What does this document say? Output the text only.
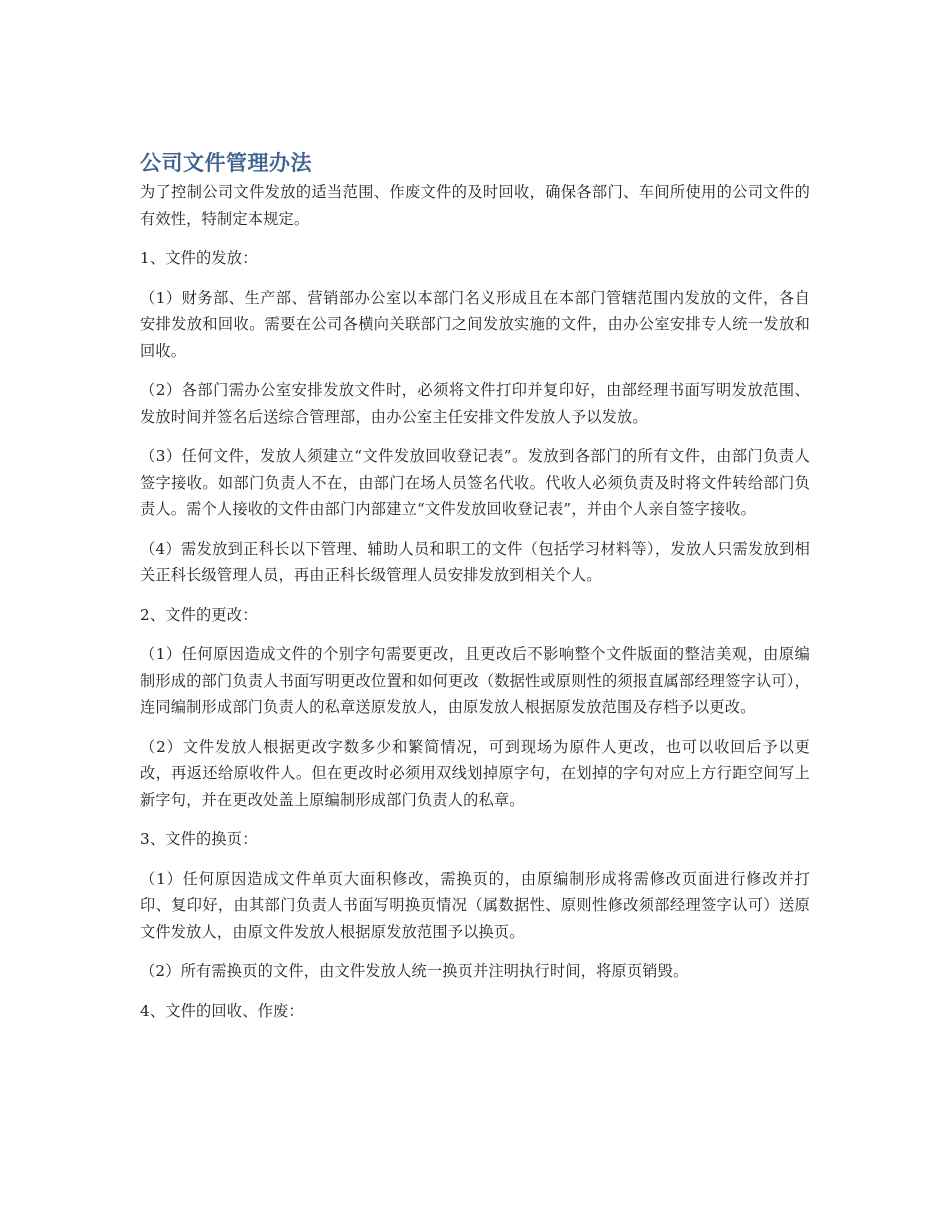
公司文件管理办法

为了控制公司文件发放的适当范围、作废文件的及时回收，确保各部门、车间所使用的公司文件的有效性，特制定本规定。

1、文件的发放：

（1）财务部、生产部、营销部办公室以本部门名义形成且在本部门管辖范围内发放的文件，各自安排发放和回收。需要在公司各横向关联部门之间发放实施的文件，由办公室安排专人统一发放和回收。

（2）各部门需办公室安排发放文件时，必须将文件打印并复印好，由部经理书面写明发放范围、发放时间并签名后送综合管理部，由办公室主任安排文件发放人予以发放。

（3）任何文件，发放人须建立“文件发放回收登记表”。发放到各部门的所有文件，由部门负责人签字接收。如部门负责人不在，由部门在场人员签名代收。代收人必须负责及时将文件转给部门负责人。需个人接收的文件由部门内部建立“文件发放回收登记表”，并由个人亲自签字接收。

（4）需发放到正科长以下管理、辅助人员和职工的文件（包括学习材料等），发放人只需发放到相关正科长级管理人员，再由正科长级管理人员安排发放到相关个人。

2、文件的更改：

（1）任何原因造成文件的个别字句需要更改，且更改后不影响整个文件版面的整洁美观，由原编制形成的部门负责人书面写明更改位置和如何更改（数据性或原则性的须报直属部经理签字认可），连同编制形成部门负责人的私章送原发放人，由原发放人根据原发放范围及存档予以更改。

（2）文件发放人根据更改字数多少和繁简情况，可到现场为原件人更改，也可以收回后予以更改，再返还给原收件人。但在更改时必须用双线划掉原字句，在划掉的字句对应上方行距空间写上新字句，并在更改处盖上原编制形成部门负责人的私章。

3、文件的换页：

（1）任何原因造成文件单页大面积修改，需换页的，由原编制形成将需修改页面进行修改并打印、复印好，由其部门负责人书面写明换页情况（属数据性、原则性修改须部经理签字认可）送原文件发放人，由原文件发放人根据原发放范围予以换页。

（2）所有需换页的文件，由文件发放人统一换页并注明执行时间，将原页销毁。

4、文件的回收、作废：
